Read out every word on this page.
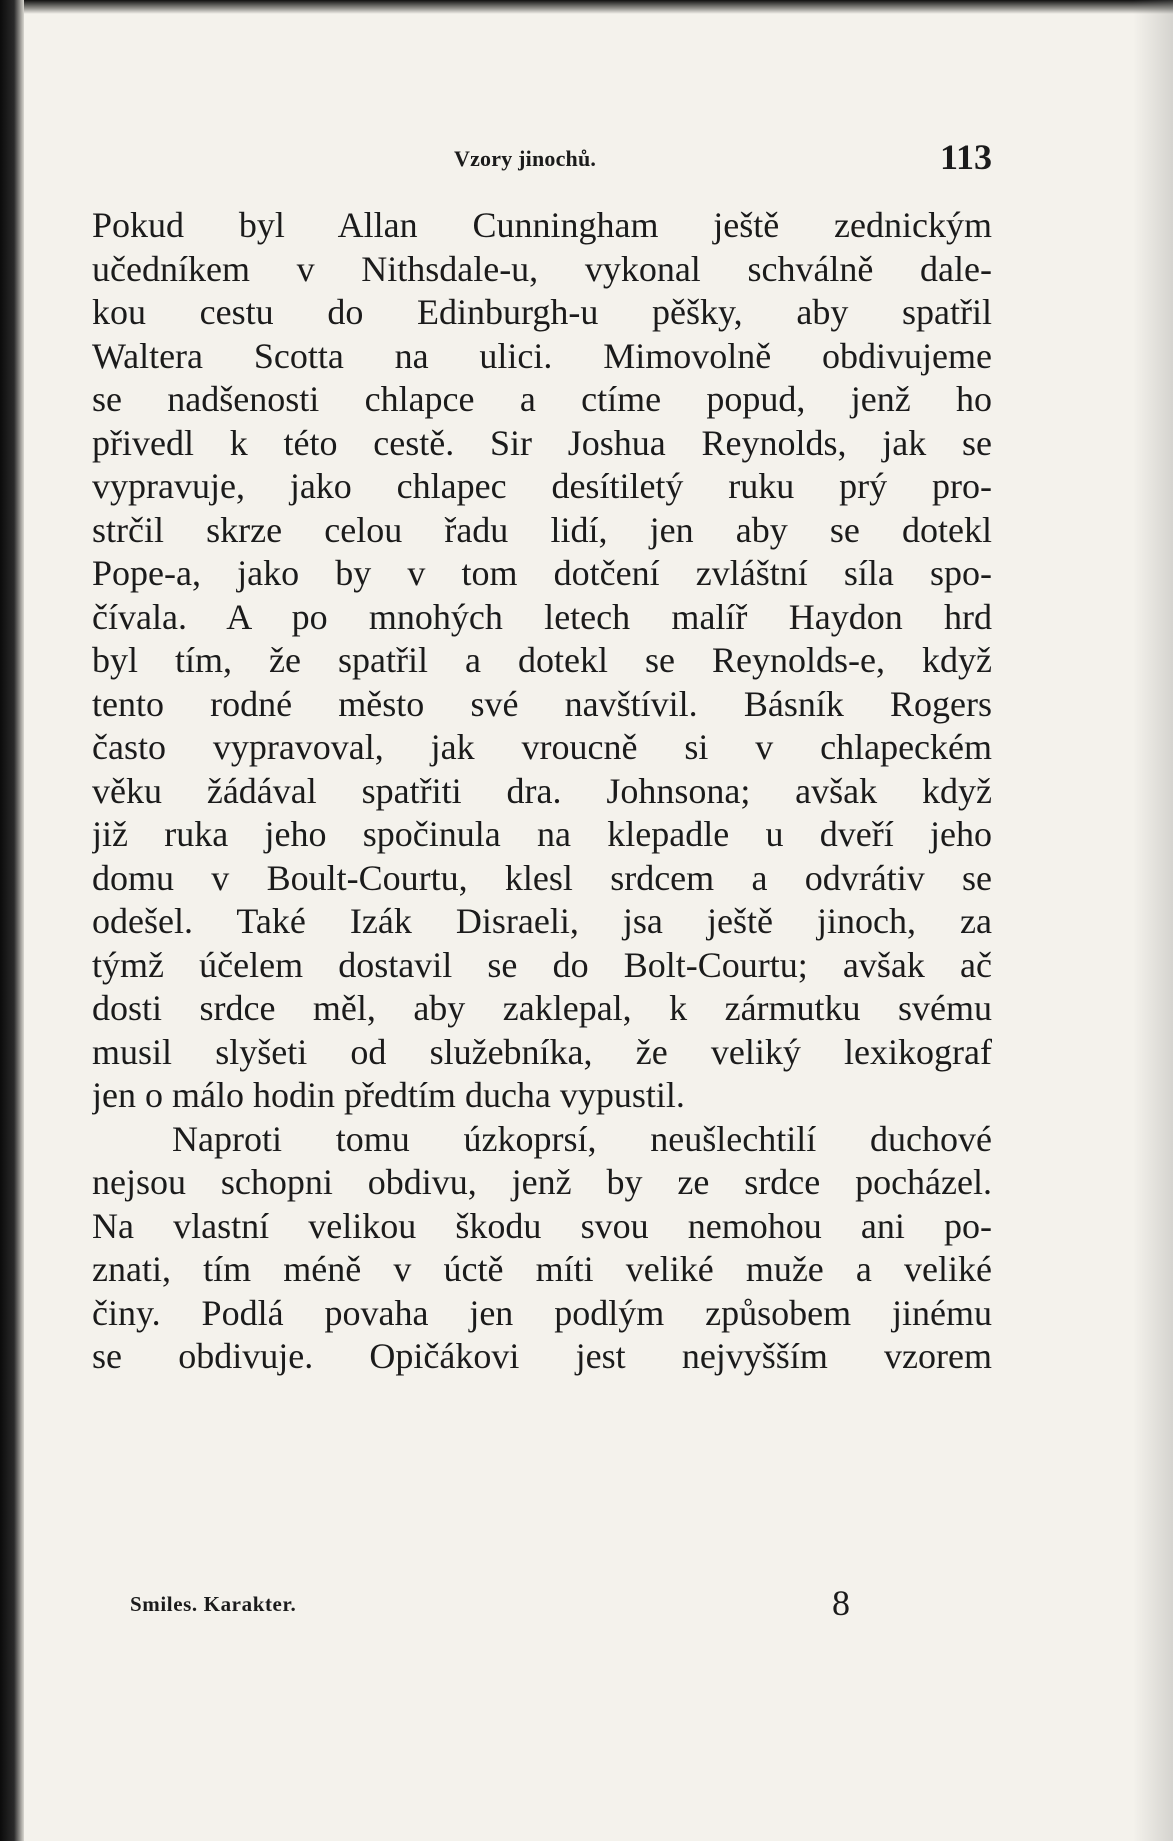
Vzory jinochů.	113
Pokud byl Allan Cunningham ještě zednickým
učedníkem v Nithsdale-u, vykonal schválně dale-
kou cestu do Edinburgh-u pěšky, aby spatřil
Waltera Scotta na ulici. Mimovolně obdivujeme
se nadšenosti chlapce a ctíme popud, jenž ho
přivedl k této cestě. Sir Joshua Reynolds, jak se
vypravuje, jako chlapec desítiletý ruku prý pro-
strčil skrze celou řadu lidí, jen aby se dotekl
Pope-a, jako by v tom dotčení zvláštní síla spo-
čívala. A po mnohých letech malíř Haydon hrd
byl tím, že spatřil a dotekl se Reynolds-e, když
tento rodné město své navštívil. Básník Rogers
často vypravoval, jak vroucně si v chlapeckém
věku žádával spatřiti dra. Johnsona; avšak když
již ruka jeho spočinula na klepadle u dveří jeho
domu v Boult-Courtu, klesl srdcem a odvrátiv se
odešel. Také Izák Disraeli, jsa ještě jinoch, za
týmž účelem dostavil se do Bolt-Courtu; avšak ač
dosti srdce měl, aby zaklepal, k zármutku svému
musil slyšeti od služebníka, že veliký lexikograf
jen o málo hodin předtím ducha vypustil.
Naproti tomu úzkoprsí, neušlechtilí duchové
nejsou schopni obdivu, jenž by ze srdce pocházel.
Na vlastní velikou škodu svou nemohou ani po-
znati, tím méně v úctě míti veliké muže a veliké
činy. Podlá povaha jen podlým způsobem jinému
se obdivuje. Opičákovi jest nejvyšším vzorem
Smiles. Karakter.	8
